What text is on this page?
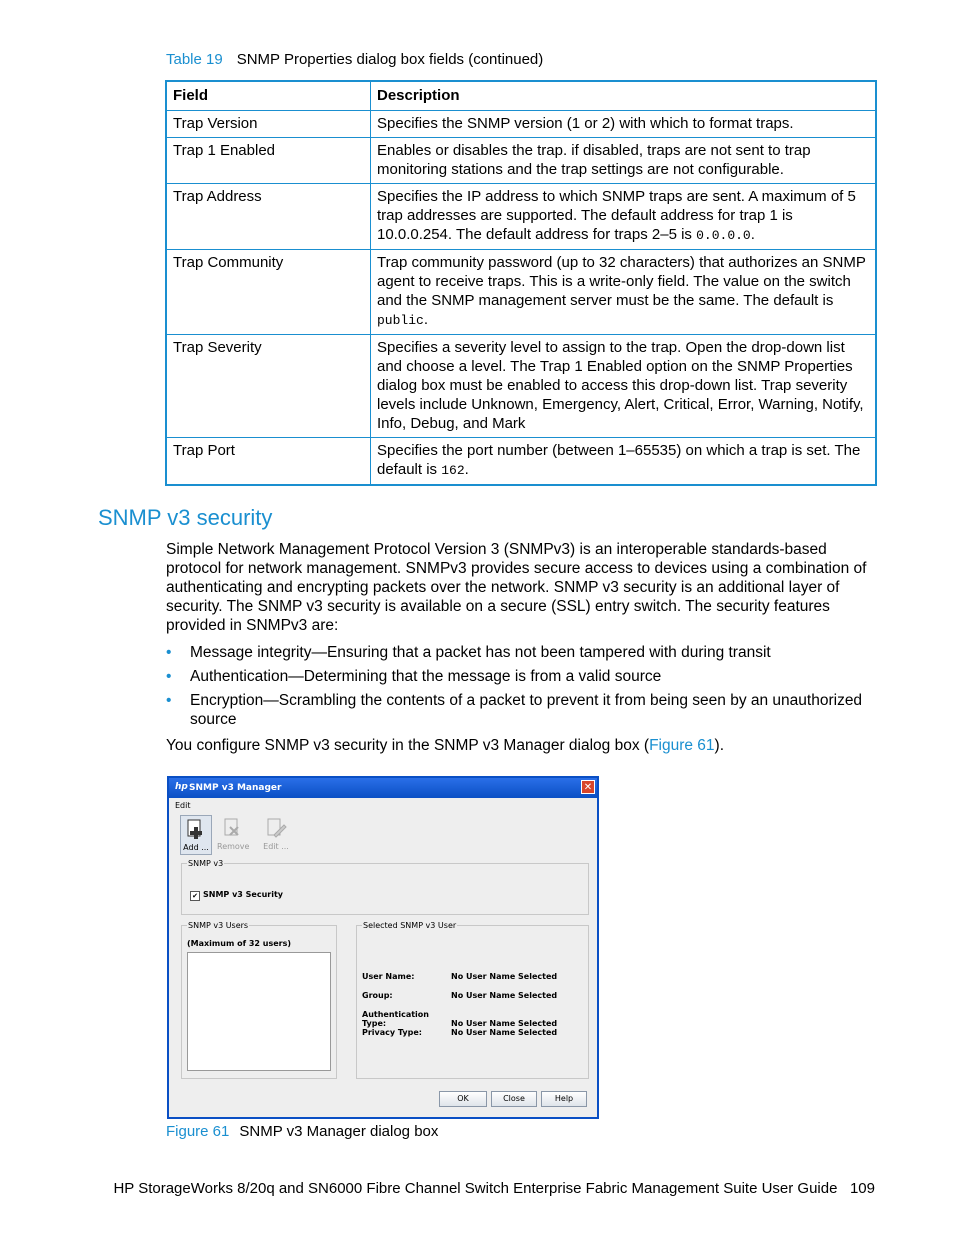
Table 19 SNMP Properties dialog box fields (continued)
Field	Description
Trap Version	Specifies the SNMP version (1 or 2) with which to format traps.
Trap 1 Enabled	Enables or disables the trap. if disabled, traps are not sent to trap monitoring stations and the trap settings are not configurable.
Trap Address	Specifies the IP address to which SNMP traps are sent. A maximum of 5 trap addresses are supported. The default address for trap 1 is 10.0.0.254. The default address for traps 2–5 is 0.0.0.0.
Trap Community	Trap community password (up to 32 characters) that authorizes an SNMP agent to receive traps. This is a write-only field. The value on the switch and the SNMP management server must be the same. The default is public.
Trap Severity	Specifies a severity level to assign to the trap. Open the drop-down list and choose a level. The Trap 1 Enabled option on the SNMP Properties dialog box must be enabled to access this drop-down list. Trap severity levels include Unknown, Emergency, Alert, Critical, Error, Warning, Notify, Info, Debug, and Mark
Trap Port	Specifies the port number (between 1–65535) on which a trap is set. The default is 162.
SNMP v3 security

Simple Network Management Protocol Version 3 (SNMPv3) is an interoperable standards-based protocol for network management. SNMPv3 provides secure access to devices using a combination of authenticating and encrypting packets over the network. SNMP v3 security is an additional layer of security. The SNMP v3 security is available on a secure (SSL) entry switch. The security features provided in SNMPv3 are:

• Message integrity—Ensuring that a packet has not been tampered with during transit
• Authentication—Determining that the message is from a valid source
• Encryption—Scrambling the contents of a packet to prevent it from being seen by an unauthorized source

You configure SNMP v3 security in the SNMP v3 Manager dialog box (Figure 61).

hp SNMP v3 Manager	✕
Edit
Add ... Remove Edit ...
SNMP v3
✔ SNMP v3 Security
SNMP v3 Users
(Maximum of 32 users)
Selected SNMP v3 User
User Name:	No User Name Selected
Group:	No User Name Selected
Authentication Type:	No User Name Selected
Privacy Type:	No User Name Selected
OK	Close	Help
Figure 61 SNMP v3 Manager dialog box
HP StorageWorks 8/20q and SN6000 Fibre Channel Switch Enterprise Fabric Management Suite User Guide 109
